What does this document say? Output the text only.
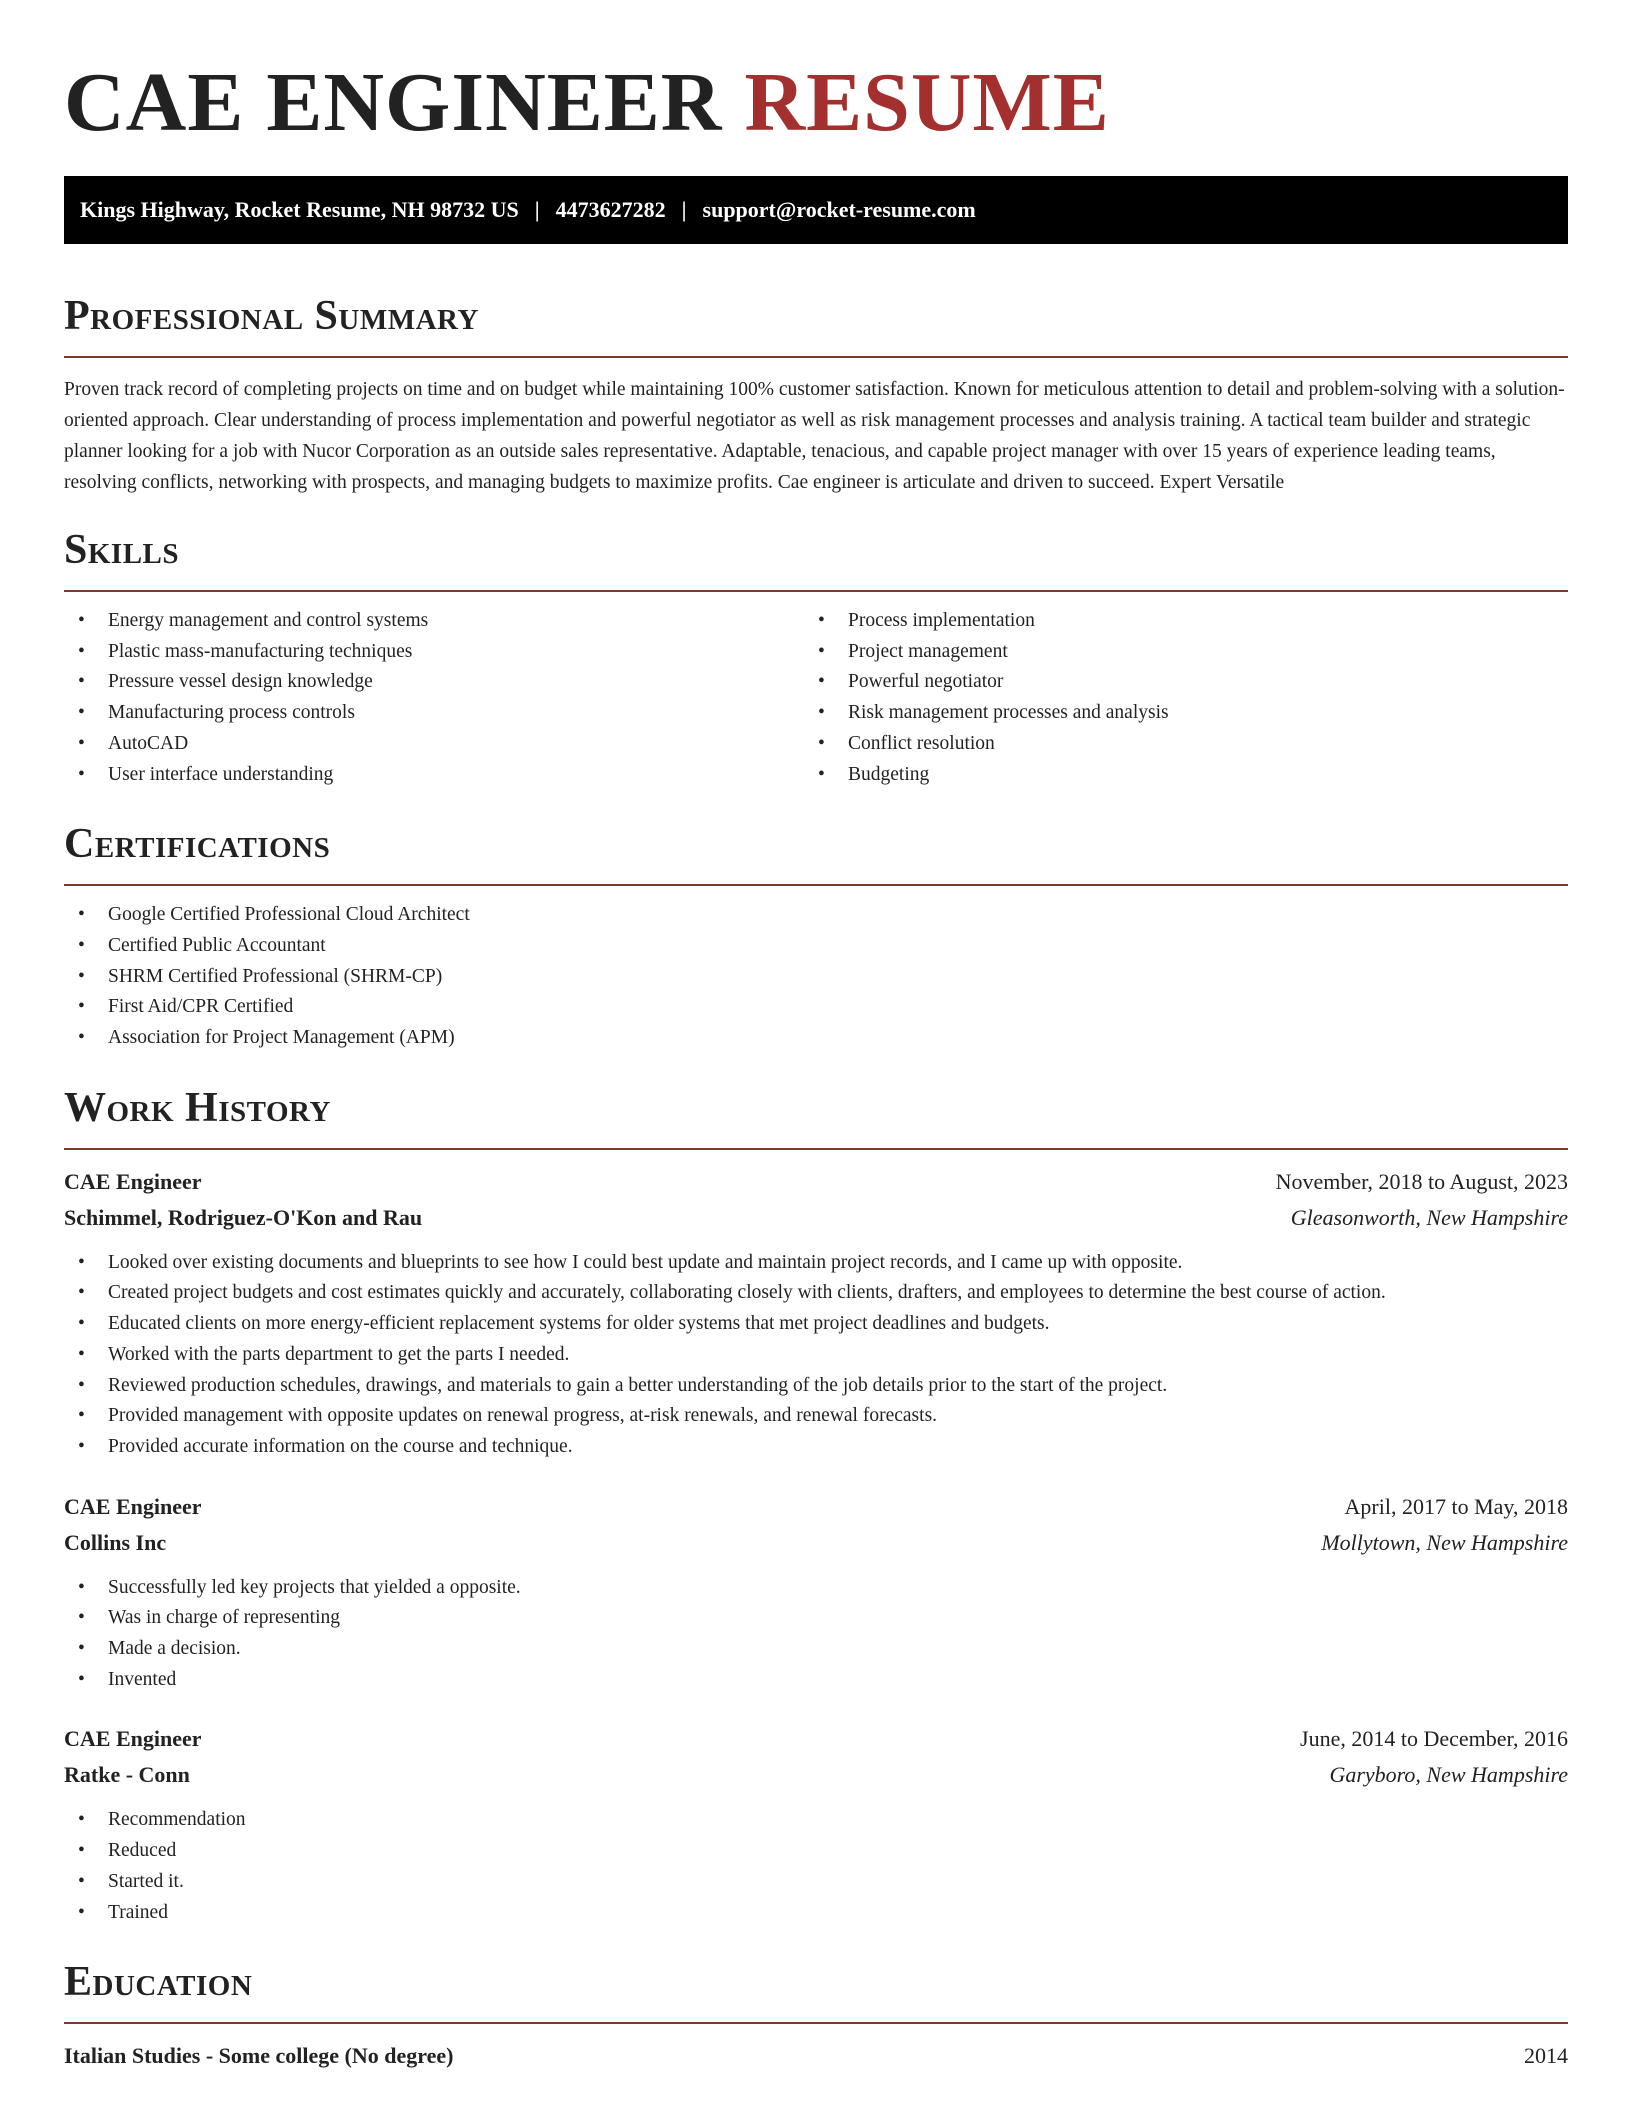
CAE ENGINEER RESUME
Kings Highway, Rocket Resume, NH 98732 US | 4473627282 | support@rocket-resume.com
Professional Summary

Proven track record of completing projects on time and on budget while maintaining 100% customer satisfaction. Known for meticulous attention to detail and problem-solving with a solution-oriented approach. Clear understanding of process implementation and powerful negotiator as well as risk management processes and analysis training. A tactical team builder and strategic planner looking for a job with Nucor Corporation as an outside sales representative. Adaptable, tenacious, and capable project manager with over 15 years of experience leading teams, resolving conflicts, networking with prospects, and managing budgets to maximize profits. Cae engineer is articulate and driven to succeed. Expert Versatile

Skills
• Energy management and control systems
• Plastic mass-manufacturing techniques
• Pressure vessel design knowledge
• Manufacturing process controls
• AutoCAD
• User interface understanding
• Process implementation
• Project management
• Powerful negotiator
• Risk management processes and analysis
• Conflict resolution
• Budgeting
Certifications
• Google Certified Professional Cloud Architect
• Certified Public Accountant
• SHRM Certified Professional (SHRM-CP)
• First Aid/CPR Certified
• Association for Project Management (APM)
Work History
CAE Engineer	November, 2018 to August, 2023
Schimmel, Rodriguez-O'Kon and Rau	Gleasonworth, New Hampshire
• Looked over existing documents and blueprints to see how I could best update and maintain project records, and I came up with opposite.
• Created project budgets and cost estimates quickly and accurately, collaborating closely with clients, drafters, and employees to determine the best course of action.
• Educated clients on more energy-efficient replacement systems for older systems that met project deadlines and budgets.
• Worked with the parts department to get the parts I needed.
• Reviewed production schedules, drawings, and materials to gain a better understanding of the job details prior to the start of the project.
• Provided management with opposite updates on renewal progress, at-risk renewals, and renewal forecasts.
• Provided accurate information on the course and technique.
CAE Engineer	April, 2017 to May, 2018
Collins Inc	Mollytown, New Hampshire
• Successfully led key projects that yielded a opposite.
• Was in charge of representing
• Made a decision.
• Invented
CAE Engineer	June, 2014 to December, 2016
Ratke - Conn	Garyboro, New Hampshire
• Recommendation
• Reduced
• Started it.
• Trained
Education
Italian Studies - Some college (No degree)	2014
